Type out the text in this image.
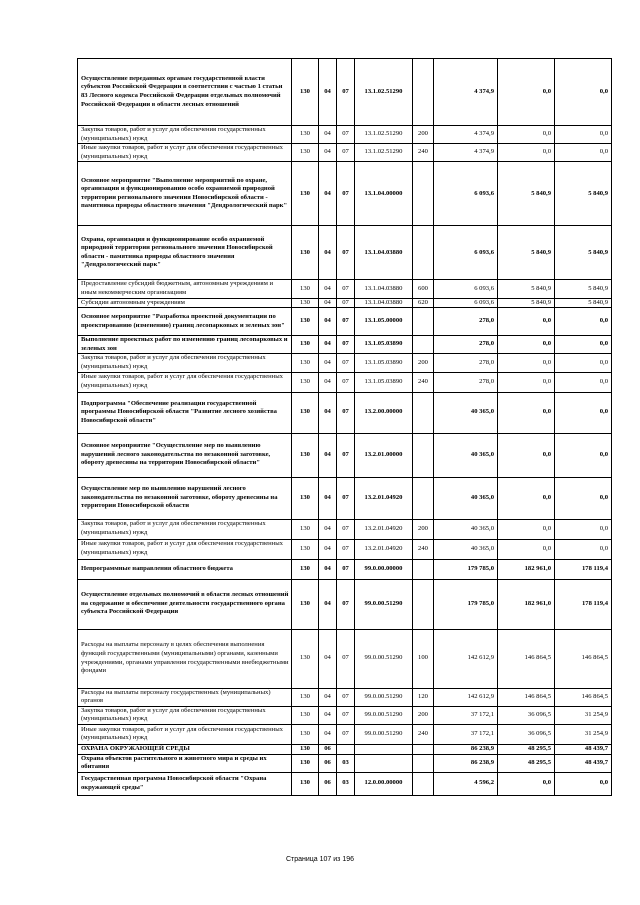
Осуществление переданных органам государственной власти субъектов Российской Федерации в соответствии с частью 1 статьи 83 Лесного кодекса Российской Федерации отдельных полномочий Российской Федерации в области лесных отношений	130	04	07	13.1.02.51290		4 374,9	0,0	0,0
Закупка товаров, работ и услуг для обеспечения государственных (муниципальных) нужд	130	04	07	13.1.02.51290	200	4 374,9	0,0	0,0
Иные закупки товаров, работ и услуг для обеспечения государственных (муниципальных) нужд	130	04	07	13.1.02.51290	240	4 374,9	0,0	0,0
Основное мероприятие "Выполнение мероприятий по охране, организации и функционированию особо охраняемой природной территории регионального значения Новосибирской области - памятника природы областного значения "Дендрологический парк"	130	04	07	13.1.04.00000		6 093,6	5 840,9	5 840,9
Охрана, организация и функционирование особо охраняемой природной территории регионального значения Новосибирской области - памятника природы областного значения "Дендрологический парк"	130	04	07	13.1.04.03880		6 093,6	5 840,9	5 840,9
Предоставление субсидий бюджетным, автономным учреждениям и иным некоммерческим организациям	130	04	07	13.1.04.03880	600	6 093,6	5 840,9	5 840,9
Субсидии автономным учреждениям	130	04	07	13.1.04.03880	620	6 093,6	5 840,9	5 840,9
Основное мероприятие "Разработка проектной документации по проектированию (изменению) границ лесопарковых и зеленых зон"	130	04	07	13.1.05.00000		278,0	0,0	0,0
Выполнение проектных работ по изменению границ лесопарковых и зеленых зон	130	04	07	13.1.05.03890		278,0	0,0	0,0
Закупка товаров, работ и услуг для обеспечения государственных (муниципальных) нужд	130	04	07	13.1.05.03890	200	278,0	0,0	0,0
Иные закупки товаров, работ и услуг для обеспечения государственных (муниципальных) нужд	130	04	07	13.1.05.03890	240	278,0	0,0	0,0
Подпрограмма "Обеспечение реализации государственной программы Новосибирской области "Развитие лесного хозяйства Новосибирской области"	130	04	07	13.2.00.00000		40 365,0	0,0	0,0
Основное мероприятие "Осуществление мер по выявлению нарушений лесного законодательства по незаконной заготовке, обороту древесины на территории Новосибирской области"	130	04	07	13.2.01.00000		40 365,0	0,0	0,0
Осуществление мер по выявлению нарушений лесного законодательства по незаконной заготовке, обороту древесины на территории Новосибирской области	130	04	07	13.2.01.04920		40 365,0	0,0	0,0
Закупка товаров, работ и услуг для обеспечения государственных (муниципальных) нужд	130	04	07	13.2.01.04920	200	40 365,0	0,0	0,0
Иные закупки товаров, работ и услуг для обеспечения государственных (муниципальных) нужд	130	04	07	13.2.01.04920	240	40 365,0	0,0	0,0
Непрограммные направления областного бюджета	130	04	07	99.0.00.00000		179 785,0	182 961,0	178 119,4
Осуществление отдельных полномочий в области лесных отношений на содержание и обеспечение деятельности государственного органа субъекта Российской Федерации	130	04	07	99.0.00.51290		179 785,0	182 961,0	178 119,4
Расходы на выплаты персоналу в целях обеспечения выполнения функций государственными (муниципальными) органами, казенными учреждениями, органами управления государственными внебюджетными фондами	130	04	07	99.0.00.51290	100	142 612,9	146 864,5	146 864,5
Расходы на выплаты персоналу государственных (муниципальных) органов	130	04	07	99.0.00.51290	120	142 612,9	146 864,5	146 864,5
Закупка товаров, работ и услуг для обеспечения государственных (муниципальных) нужд	130	04	07	99.0.00.51290	200	37 172,1	36 096,5	31 254,9
Иные закупки товаров, работ и услуг для обеспечения государственных (муниципальных) нужд	130	04	07	99.0.00.51290	240	37 172,1	36 096,5	31 254,9
ОХРАНА ОКРУЖАЮЩЕЙ СРЕДЫ	130	06				86 238,9	48 295,5	48 439,7
Охрана объектов растительного и животного мира и среды их обитания	130	06	03			86 238,9	48 295,5	48 439,7
Государственная программа Новосибирской области "Охрана окружающей среды"	130	06	03	12.0.00.00000		4 596,2	0,0	0,0
Страница 107 из 196
